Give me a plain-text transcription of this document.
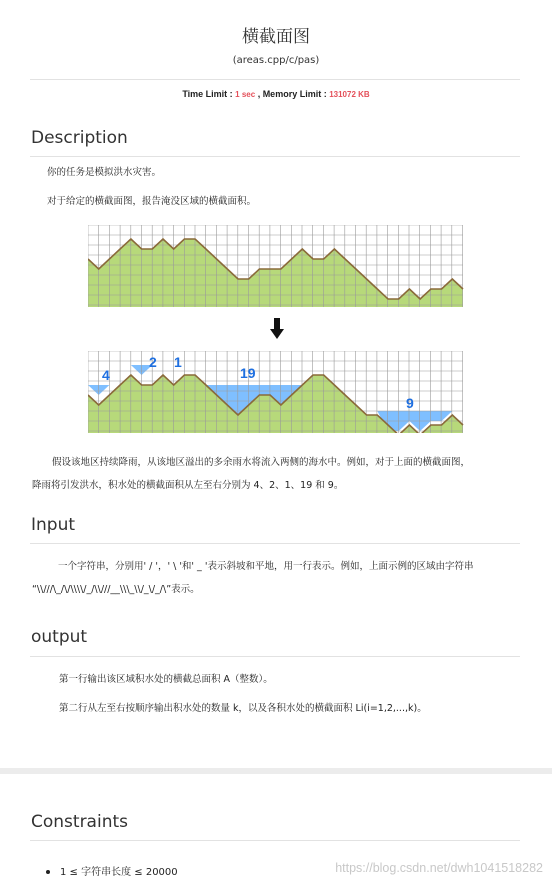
横截面图
(areas.cpp/c/pas)
Time Limit : 1 sec , Memory Limit : 131072 KB
Description
你的任务是模拟洪水灾害。
对于给定的横截面图，报告淹没区域的横截面积。
4
2 1
19
9
假设该地区持续降雨，从该地区溢出的多余雨水将流入两侧的海水中。例如，对于上面的横截面图，
降雨将引发洪水，积水处的横截面积从左至右分别为 4、2、1、19 和 9。
Input
一个字符串，分别用' / '，' \ '和' _ '表示斜坡和平地，用一行表示。例如，上面示例的区域由字符串
“\\///\_/\/\\\\/_/\\///__\\\_\\/_\/_/\”表示。
output
第一行输出该区域积水处的横截总面积 A（整数）。
第二行从左至右按顺序输出积水处的数量 k，以及各积水处的横截面积 Li(i=1,2,...,k)。
Constraints
1 ≤ 字符串长度 ≤ 20000	https://blog.csdn.net/dwh1041518282
